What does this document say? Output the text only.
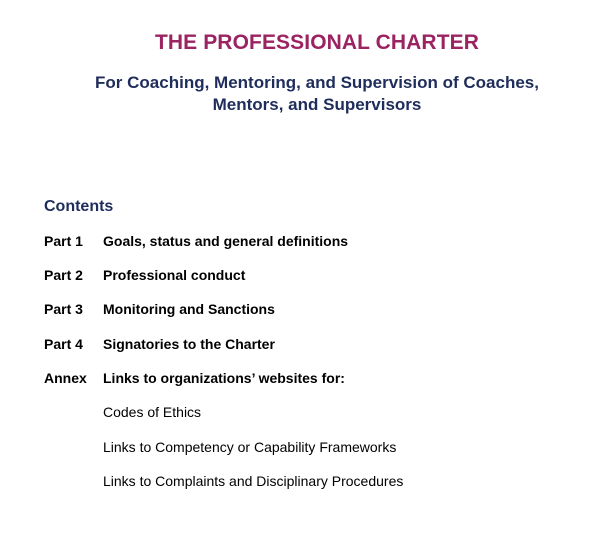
THE PROFESSIONAL CHARTER
For Coaching, Mentoring, and Supervision of Coaches,
Mentors, and Supervisors
Contents
Part 1 Goals, status and general definitions
Part 2 Professional conduct
Part 3 Monitoring and Sanctions
Part 4 Signatories to the Charter
Annex Links to organizations’ websites for:
Codes of Ethics
Links to Competency or Capability Frameworks
Links to Complaints and Disciplinary Procedures
